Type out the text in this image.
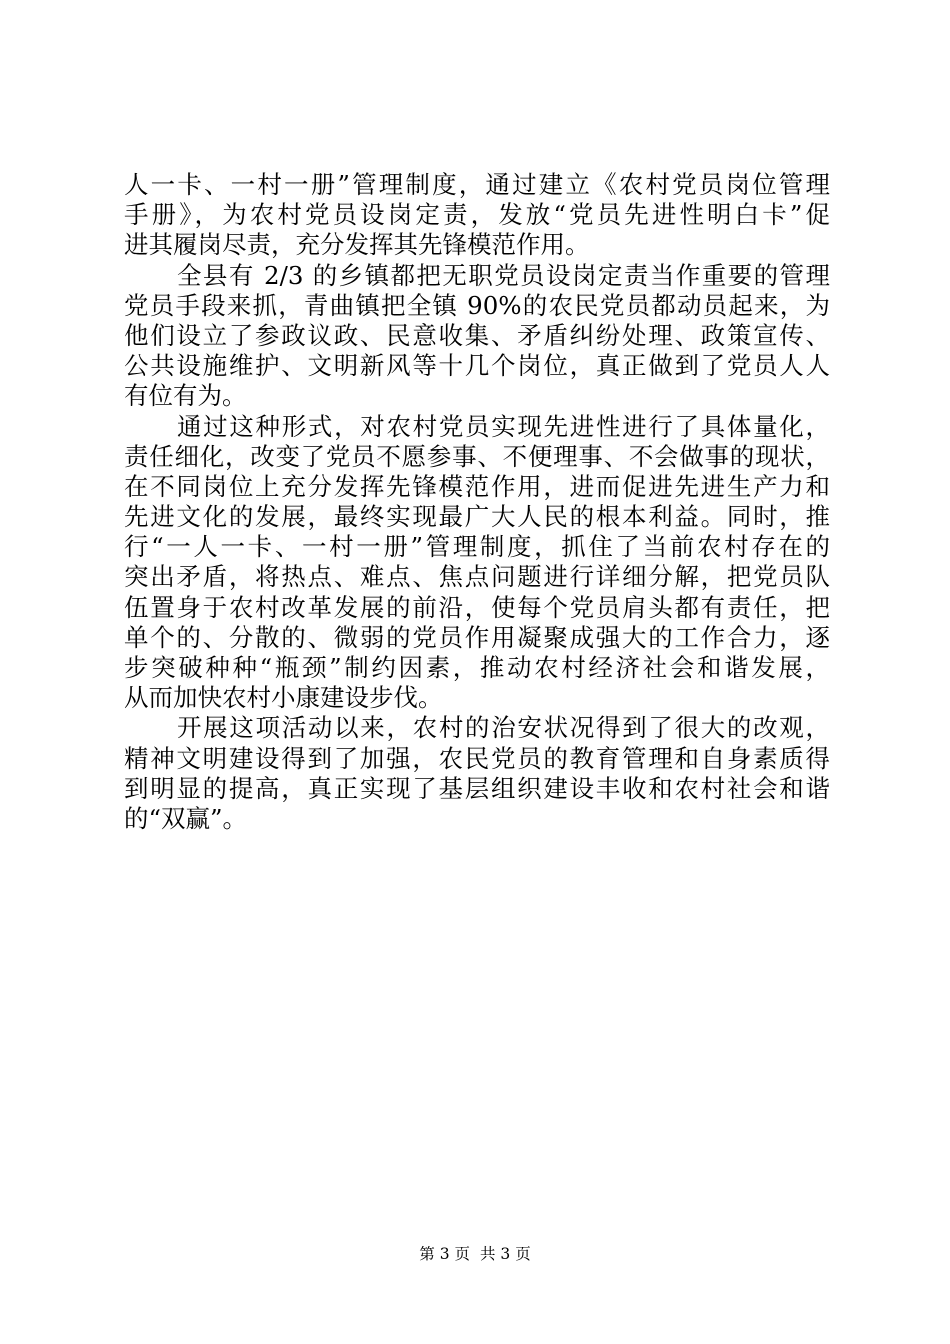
人一卡、一村一册”管理制度，通过建立《农村党员岗位管理
手册》，为农村党员设岗定责，发放“党员先进性明白卡”促
进其履岗尽责，充分发挥其先锋模范作用。
全县有 2/3 的乡镇都把无职党员设岗定责当作重要的管理
党员手段来抓，青曲镇把全镇 90%的农民党员都动员起来，为
他们设立了参政议政、民意收集、矛盾纠纷处理、政策宣传、
公共设施维护、文明新风等十几个岗位，真正做到了党员人人
有位有为。
通过这种形式，对农村党员实现先进性进行了具体量化，
责任细化，改变了党员不愿参事、不便理事、不会做事的现状，
在不同岗位上充分发挥先锋模范作用，进而促进先进生产力和
先进文化的发展，最终实现最广大人民的根本利益。同时，推
行“一人一卡、一村一册”管理制度，抓住了当前农村存在的
突出矛盾，将热点、难点、焦点问题进行详细分解，把党员队
伍置身于农村改革发展的前沿，使每个党员肩头都有责任，把
单个的、分散的、微弱的党员作用凝聚成强大的工作合力，逐
步突破种种“瓶颈”制约因素，推动农村经济社会和谐发展，
从而加快农村小康建设步伐。
开展这项活动以来，农村的治安状况得到了很大的改观，
精神文明建设得到了加强，农民党员的教育管理和自身素质得
到明显的提高，真正实现了基层组织建设丰收和农村社会和谐
的“双赢”。
第 3 页 共 3 页
